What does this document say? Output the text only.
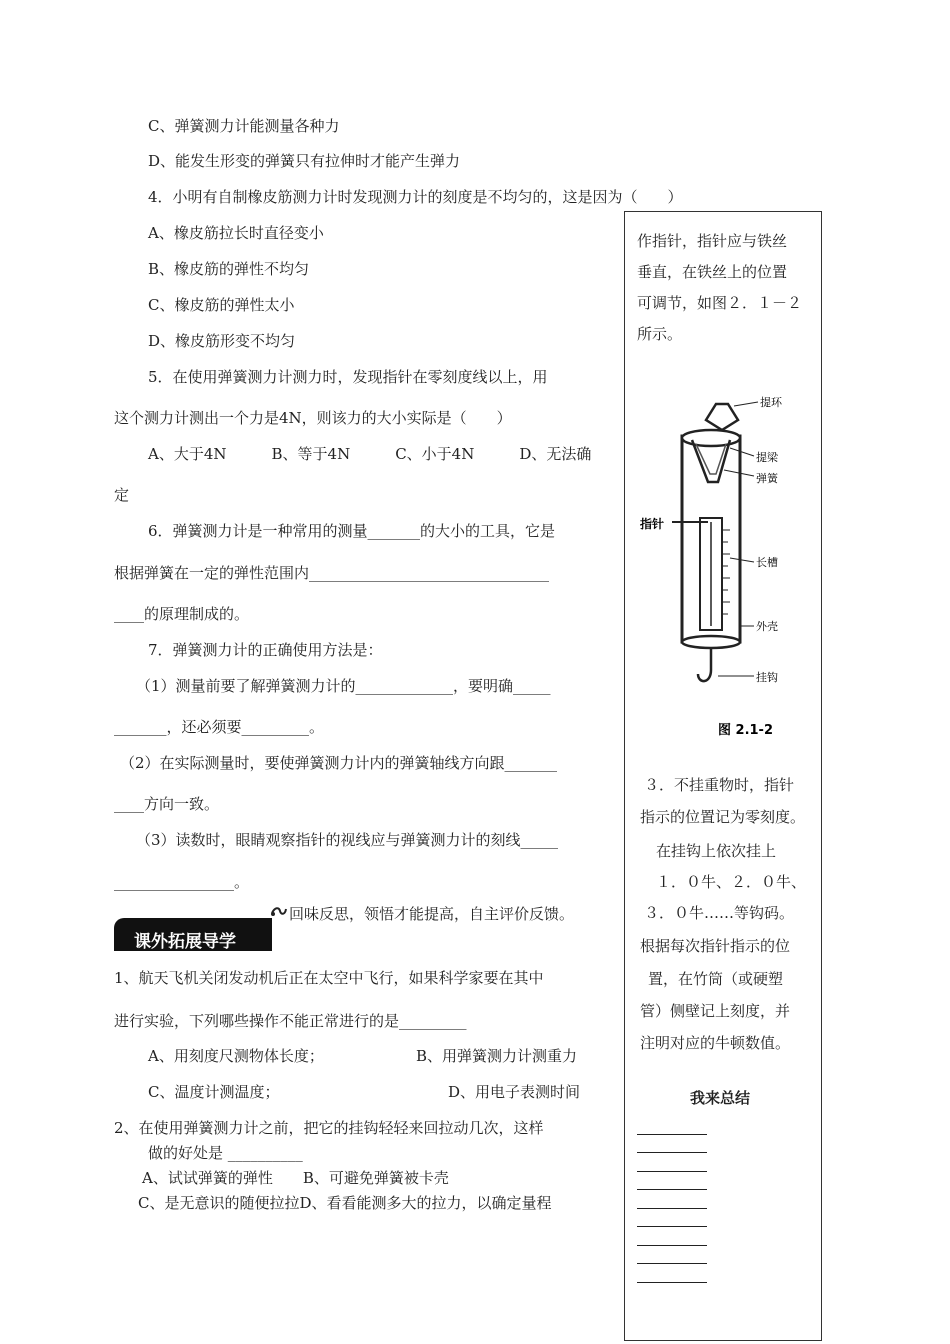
C、弹簧测力计能测量各种力
D、能发生形变的弹簧只有拉伸时才能产生弹力
4．小明有自制橡皮筋测力计时发现测力计的刻度是不均匀的，这是因为（　　）
A、橡皮筋拉长时直径变小
B、橡皮筋的弹性不均匀
C、橡皮筋的弹性太小
D、橡皮筋形变不均匀
5．在使用弹簧测力计测力时，发现指针在零刻度线以上，用
这个测力计测出一个力是4N，则该力的大小实际是（　　）
A、大于4N　　　B、等于4N　　　C、小于4N　　　D、无法确
定
6．弹簧测力计是一种常用的测量_______的大小的工具，它是
根据弹簧在一定的弹性范围内________________________________
____的原理制成的。
7．弹簧测力计的正确使用方法是：
（1）测量前要了解弹簧测力计的_____________，要明确_____
_______，还必须要_________。
（2）在实际测量时，要使弹簧测力计内的弹簧轴线方向跟_______
____方向一致。
（3）读数时，眼睛观察指针的视线应与弹簧测力计的刻线_____
________________。
回味反思，领悟才能提高，自主评价反馈。
课外拓展导学
1、航天飞机关闭发动机后正在太空中飞行，如果科学家要在其中
进行实验，下列哪些操作不能正常进行的是_________
A、用刻度尺测物体长度；	B、用弹簧测力计测重力
C、温度计测温度；	D、用电子表测时间
2、在使用弹簧测力计之前，把它的挂钩轻轻来回拉动几次，这样
做的好处是 __________
A、试试弹簧的弹性　　B、可避免弹簧被卡壳
C、是无意识的随便拉拉D、看看能测多大的拉力，以确定量程
作指针，指针应与铁丝
垂直，在铁丝上的位置
可调节，如图２．１－２
所示。
提环
提梁
弹簧
指针
长槽
外壳
挂钩
图 2.1-2
３．不挂重物时，指针
指示的位置记为零刻度。
在挂钩上依次挂上
１．０牛、２．０牛、
３．０牛……等钩码。
根据每次指针指示的位
置，在竹筒（或硬塑
管）侧壁记上刻度，并
注明对应的牛顿数值。
我来总结
